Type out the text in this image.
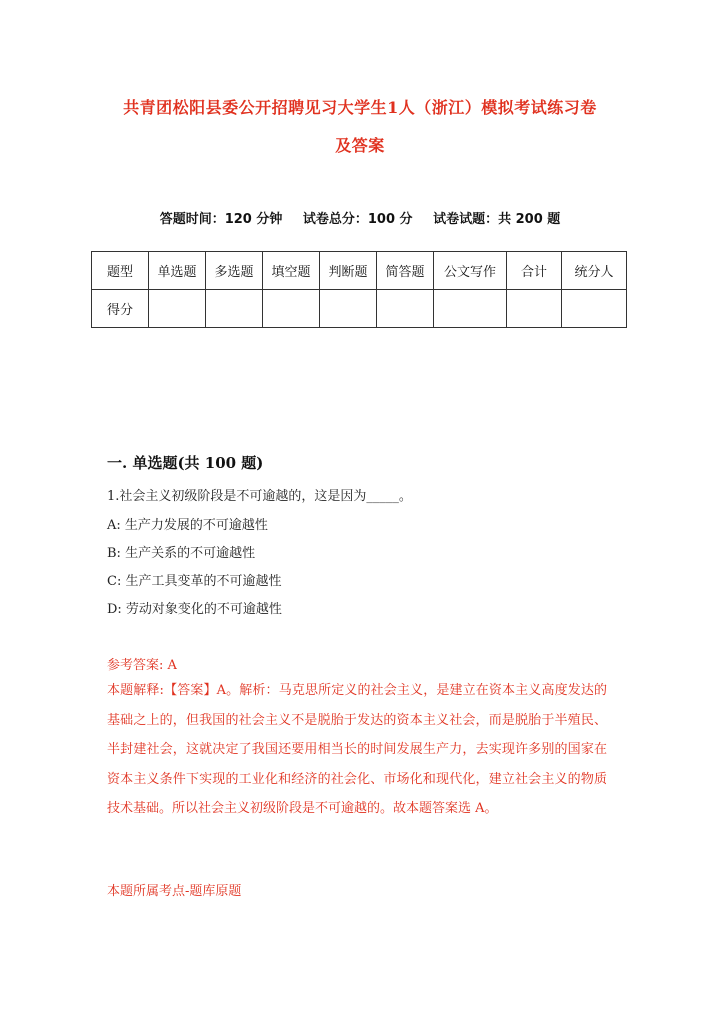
共青团松阳县委公开招聘见习大学生1人（浙江）模拟考试练习卷
及答案
答题时间：120 分钟 试卷总分：100 分 试卷试题：共 200 题
题型	单选题	多选题	填空题	判断题	简答题	公文写作	合计	统分人
得分								
一. 单选题(共 100 题)
1.社会主义初级阶段是不可逾越的，这是因为_____。
A: 生产力发展的不可逾越性
B: 生产关系的不可逾越性
C: 生产工具变革的不可逾越性
D: 劳动对象变化的不可逾越性
参考答案: A
本题解释:【答案】A。解析：马克思所定义的社会主义，是建立在资本主义高度发达的基础之上的，但我国的社会主义不是脱胎于发达的资本主义社会，而是脱胎于半殖民、半封建社会，这就决定了我国还要用相当长的时间发展生产力，去实现许多别的国家在资本主义条件下实现的工业化和经济的社会化、市场化和现代化，建立社会主义的物质技术基础。所以社会主义初级阶段是不可逾越的。故本题答案选 A。
本题所属考点-题库原题
